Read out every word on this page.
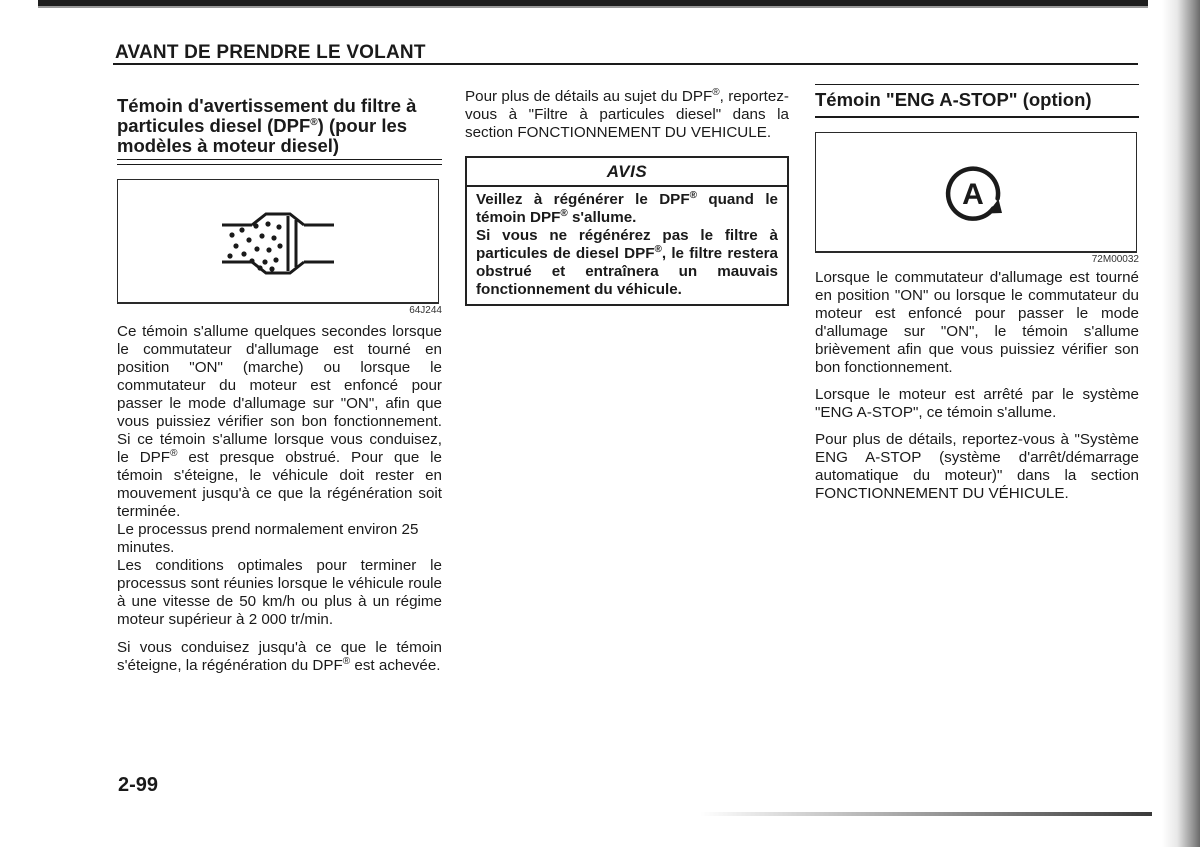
AVANT DE PRENDRE LE VOLANT
Témoin d'avertissement du filtre à particules diesel (DPF®) (pour les modèles à moteur diesel)
64J244

Ce témoin s'allume quelques secondes lorsque le commutateur d'allumage est tourné en position "ON" (marche) ou lorsque le commutateur du moteur est enfoncé pour passer le mode d'allumage sur "ON", afin que vous puissiez vérifier son bon fonctionnement. Si ce témoin s'allume lorsque vous conduisez, le DPF® est presque obstrué. Pour que le témoin s'éteigne, le véhicule doit rester en mouvement jusqu'à ce que la régénération soit terminée.

Le processus prend normalement environ 25 minutes.

Les conditions optimales pour terminer le processus sont réunies lorsque le véhicule roule à une vitesse de 50 km/h ou plus à un régime moteur supérieur à 2 000 tr/min.

Si vous conduisez jusqu'à ce que le témoin s'éteigne, la régénération du DPF® est achevée.

Pour plus de détails au sujet du DPF®, reportez-vous à "Filtre à particules diesel" dans la section FONCTIONNEMENT DU VEHICULE.

AVIS

Veillez à régénérer le DPF® quand le témoin DPF® s'allume.

Si vous ne régénérez pas le filtre à particules de diesel DPF®, le filtre restera obstrué et entraînera un mauvais fonctionnement du véhicule.

Témoin "ENG A-STOP" (option)
A
72M00032

Lorsque le commutateur d'allumage est tourné en position "ON" ou lorsque le commutateur du moteur est enfoncé pour passer le mode d'allumage sur "ON", le témoin s'allume brièvement afin que vous puissiez vérifier son bon fonctionnement.

Lorsque le moteur est arrêté par le système "ENG A-STOP", ce témoin s'allume.

Pour plus de détails, reportez-vous à "Système ENG A-STOP (système d'arrêt/démarrage automatique du moteur)" dans la section FONCTIONNEMENT DU VÉHICULE.

2-99
